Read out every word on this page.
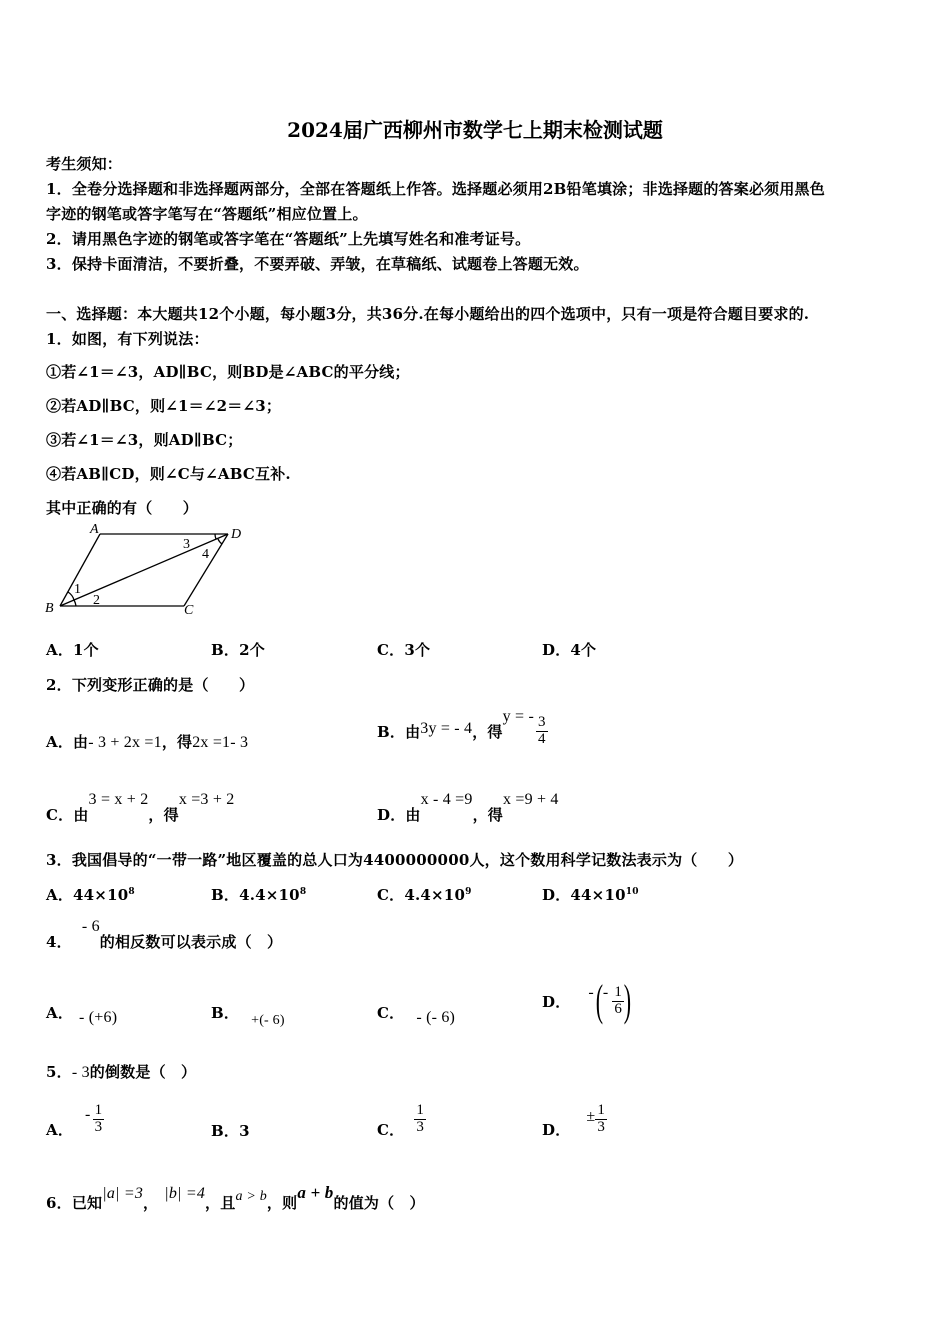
2024届广西柳州市数学七上期末检测试题
考生须知：
1．全卷分选择题和非选择题两部分，全部在答题纸上作答。选择题必须用2B铅笔填涂；非选择题的答案必须用黑色
字迹的钢笔或答字笔写在“答题纸”相应位置上。
2．请用黑色字迹的钢笔或答字笔在“答题纸”上先填写姓名和准考证号。
3．保持卡面清洁，不要折叠，不要弄破、弄皱，在草稿纸、试题卷上答题无效。
一、选择题：本大题共12个小题，每小题3分，共36分.在每小题给出的四个选项中，只有一项是符合题目要求的.
1．如图，有下列说法：
①若∠1＝∠3，AD∥BC，则BD是∠ABC的平分线；
②若AD∥BC，则∠1＝∠2＝∠3；
③若∠1＝∠3，则AD∥BC；
④若AB∥CD，则∠C与∠ABC互补.
其中正确的有（　　）
A	D
B	C
1
2
3
4
A．1个	B．2个	C．3个	D．4个
2．下列变形正确的是（　　）
A．由- 3 + 2x =1，得2x =1- 3
B．由 3y = - 4 ，得
y = - $\frac{3}{4}$
C．由3 = x + 2，得x =3 + 2
D．由x - 4 =9，得x =9 + 4
3．我国倡导的“一带一路”地区覆盖的总人口为4400000000人，这个数用科学记数法表示为（　　）
A．$44\times 10^8$	B．$4.4\times 10^8$	C．$4.4\times 10^9$	D．$44\times 10^{10}$
4．- 6的相反数可以表示成（　）
A． - (+6)	B． +(- 6)	C． - (- 6)
D． - ( - $\frac{1}{6}$ )
5．- 3的倒数是（　）
A．
- $\frac{1}{3}$	B．3	C． $\frac{1}{3}$	D．
± $\frac{1}{3}$
6．已知|a| =3，|b| =4，且a > b，则a + b的值为（　）
